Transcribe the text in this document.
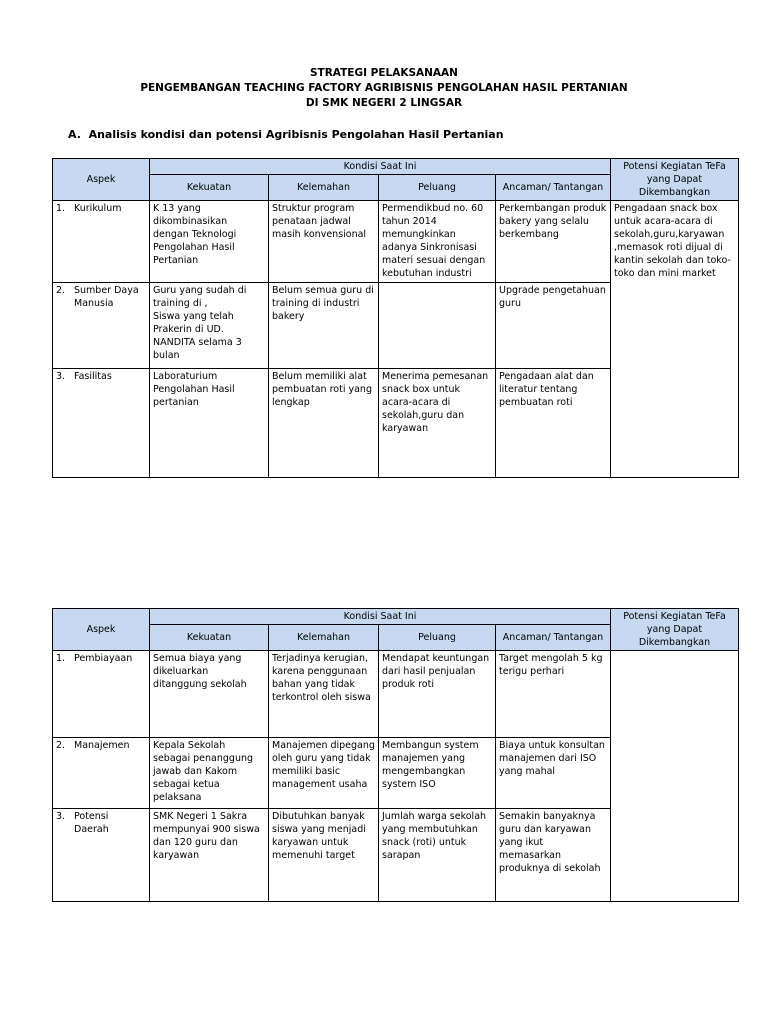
STRATEGI PELAKSANAAN
PENGEMBANGAN TEACHING FACTORY AGRIBISNIS PENGOLAHAN HASIL PERTANIAN
DI SMK NEGERI 2 LINGSAR
A. Analisis kondisi dan potensi Agribisnis Pengolahan Hasil Pertanian
Aspek	Kondisi Saat Ini				Potensi Kegiatan TeFa yang Dapat Dikembangkan
	Kekuatan	Kelemahan	Peluang	Ancaman/ Tantangan	

1. Kurikulum	K 13 yang dikombinasikan dengan Teknologi Pengolahan Hasil Pertanian	Struktur program penataan jadwal masih konvensional	Permendikbud no. 60 tahun 2014 memungkinkan adanya Sinkronisasi materi sesuai dengan kebutuhan industri	Perkembangan produk bakery yang selalu berkembang	Pengadaan snack box untuk acara-acara di sekolah,guru,karyawan ,memasok roti dijual di kantin sekolah dan toko-toko dan mini market

2. Sumber Daya Manusia	Guru yang sudah di training di ,
Siswa yang telah Prakerin di UD. NANDITA selama 3 bulan	Belum semua guru di training di industri bakery		Upgrade pengetahuan guru	

3. Fasilitas	Laboraturium Pengolahan Hasil pertanian	Belum memiliki alat pembuatan roti yang lengkap	Menerima pemesanan snack box untuk acara-acara di sekolah,guru dan karyawan	Pengadaan alat dan literatur tentang pembuatan roti	
Aspek	Kondisi Saat Ini				Potensi Kegiatan TeFa yang Dapat Dikembangkan
	Kekuatan	Kelemahan	Peluang	Ancaman/ Tantangan	

1. Pembiayaan	Semua biaya yang dikeluarkan ditanggung sekolah	Terjadinya kerugian, karena penggunaan bahan yang tidak terkontrol oleh siswa	Mendapat keuntungan dari hasil penjualan produk roti	Target mengolah 5 kg terigu perhari	

2. Manajemen	Kepala Sekolah sebagai penanggung jawab dan Kakom sebagai ketua pelaksana	Manajemen dipegang oleh guru yang tidak memiliki basic management usaha	Membangun system manajemen yang mengembangkan system ISO	Biaya untuk konsultan manajemen dari ISO yang mahal	

3. Potensi Daerah	SMK Negeri 1 Sakra mempunyai 900 siswa dan 120 guru dan karyawan	Dibutuhkan banyak siswa yang menjadi karyawan untuk memenuhi target	Jumlah warga sekolah yang membutuhkan snack (roti) untuk sarapan	Semakin banyaknya guru dan karyawan yang ikut memasarkan produknya di sekolah	
